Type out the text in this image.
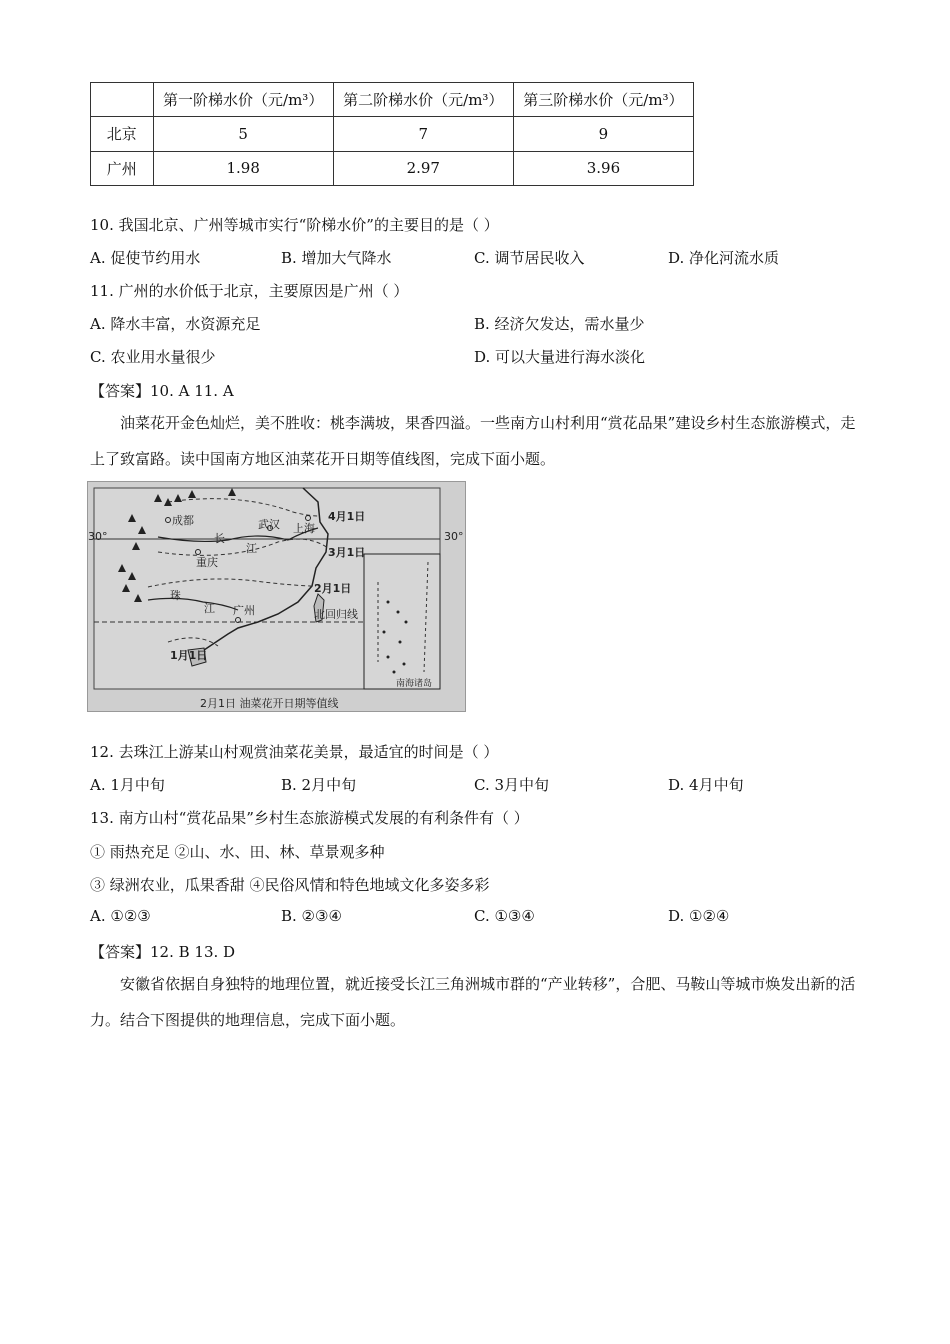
	第一阶梯水价（元/m³）	第二阶梯水价（元/m³）	第三阶梯水价（元/m³）
北京	5	7	9
广州	1.98	2.97	3.96
10. 我国北京、广州等城市实行“阶梯水价”的主要目的是（ ）
A. 促使节约用水	B. 增加大气降水	C. 调节居民收入	D. 净化河流水质
11. 广州的水价低于北京，主要原因是广州（ ）
A. 降水丰富，水资源充足	B. 经济欠发达，需水量少
C. 农业用水量很少	D. 可以大量进行海水淡化
【答案】10. A 11. A
油菜花开金色灿烂，美不胜收：桃李满坡，果香四溢。一些南方山村利用“赏花品果”建设乡村生态旅游模式，走上了致富路。读中国南方地区油菜花开日期等值线图，完成下面小题。
成都	武汉 上海
长
江
重庆
珠
江 广州	北回归线
4月1日
3月1日
2月1日
1月1日
30°	30°
南海诸岛
2月1日 油菜花开日期等值线
12. 去珠江上游某山村观赏油菜花美景，最适宜的时间是（ ）
A. 1月中旬	B. 2月中旬	C. 3月中旬	D. 4月中旬
13. 南方山村“赏花品果”乡村生态旅游模式发展的有利条件有（ ）
① 雨热充足 ②山、水、田、林、草景观多种
③ 绿洲农业，瓜果香甜 ④民俗风情和特色地域文化多姿多彩
A. ①②③	B. ②③④	C. ①③④	D. ①②④
【答案】12. B 13. D
安徽省依据自身独特的地理位置，就近接受长江三角洲城市群的“产业转移”，合肥、马鞍山等城市焕发出新的活力。结合下图提供的地理信息，完成下面小题。
